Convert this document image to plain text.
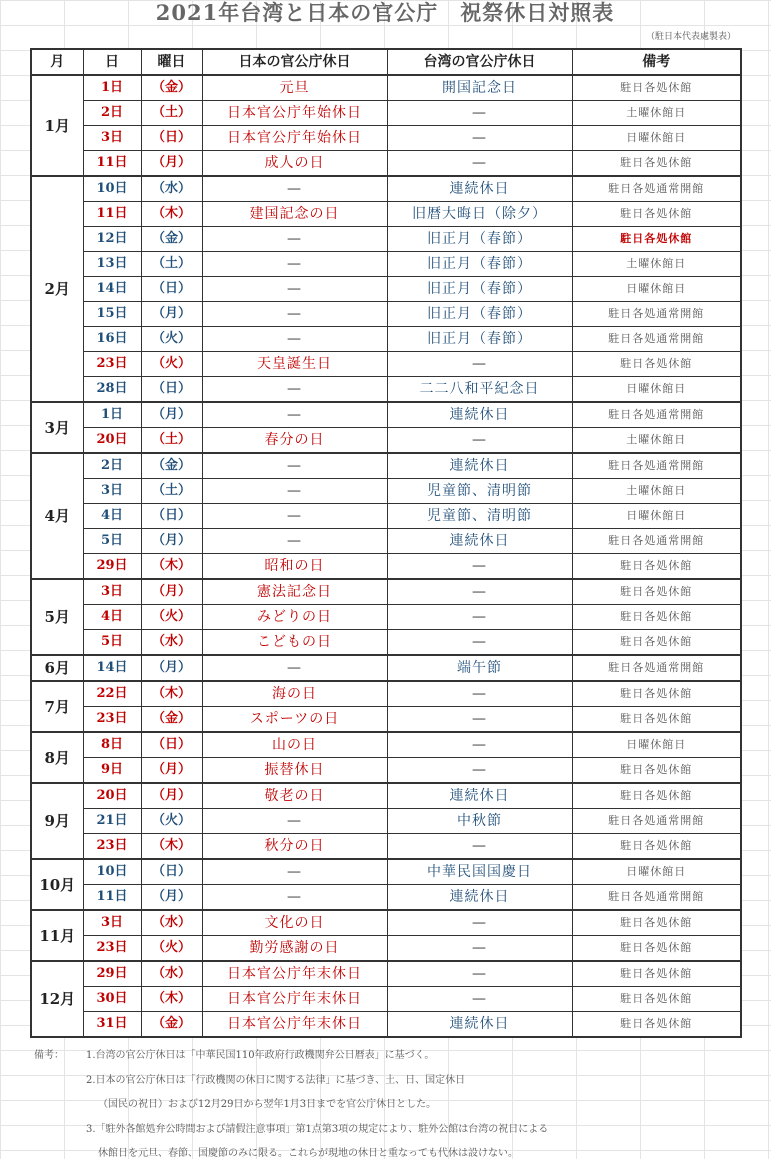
2021年台湾と日本の官公庁　祝祭休日対照表
（駐日本代表處製表）
月	日	曜日	日本の官公庁休日	台湾の官公庁休日	備考
1月	1日	（金）	元旦	開国記念日	駐日各処休館
	2日	（土）	日本官公庁年始休日	—	土曜休館日
	3日	（日）	日本官公庁年始休日	—	日曜休館日
	11日	（月）	成人の日	—	駐日各処休館
2月	10日	（水）	—	連続休日	駐日各処通常開館
	11日	（木）	建国記念の日	旧暦大晦日（除夕）	駐日各処休館
	12日	（金）	—	旧正月（春節）	駐日各処休館
	13日	（土）	—	旧正月（春節）	土曜休館日
	14日	（日）	—	旧正月（春節）	日曜休館日
	15日	（月）	—	旧正月（春節）	駐日各処通常開館
	16日	（火）	—	旧正月（春節）	駐日各処通常開館
	23日	（火）	天皇誕生日	—	駐日各処休館
	28日	（日）	—	二二八和平紀念日	日曜休館日
3月	1日	（月）	—	連続休日	駐日各処通常開館
	20日	（土）	春分の日	—	土曜休館日
4月	2日	（金）	—	連続休日	駐日各処通常開館
	3日	（土）	—	児童節、清明節	土曜休館日
	4日	（日）	—	児童節、清明節	日曜休館日
	5日	（月）	—	連続休日	駐日各処通常開館
	29日	（木）	昭和の日	—	駐日各処休館
5月	3日	（月）	憲法記念日	—	駐日各処休館
	4日	（火）	みどりの日	—	駐日各処休館
	5日	（水）	こどもの日	—	駐日各処休館
6月	14日	（月）	—	端午節	駐日各処通常開館
7月	22日	（木）	海の日	—	駐日各処休館
	23日	（金）	スポーツの日	—	駐日各処休館
8月	8日	（日）	山の日	—	日曜休館日
	9日	（月）	振替休日	—	駐日各処休館
9月	20日	（月）	敬老の日	連続休日	駐日各処休館
	21日	（火）	—	中秋節	駐日各処通常開館
	23日	（木）	秋分の日	—	駐日各処休館
10月	10日	（日）	—	中華民国国慶日	日曜休館日
	11日	（月）	—	連続休日	駐日各処通常開館
11月	3日	（水）	文化の日	—	駐日各処休館
	23日	（火）	勤労感謝の日	—	駐日各処休館
12月	29日	（水）	日本官公庁年末休日	—	駐日各処休館
	30日	（木）	日本官公庁年末休日	—	駐日各処休館
	31日	（金）	日本官公庁年末休日	連続休日	駐日各処休館
備考： 1.台湾の官公庁休日は「中華民国110年政府行政機関弁公日暦表」に基づく。
2.日本の官公庁休日は「行政機関の休日に関する法律」に基づき、土、日、国定休日
（国民の祝日）および12月29日から翌年1月3日までを官公庁休日とした。
3.「駐外各館処弁公時間および請假注意事項」第1点第3項の規定により、駐外公館は台湾の祝日による
休館日を元旦、春節、国慶節のみに限る。これらが現地の休日と重なっても代休は設けない。
